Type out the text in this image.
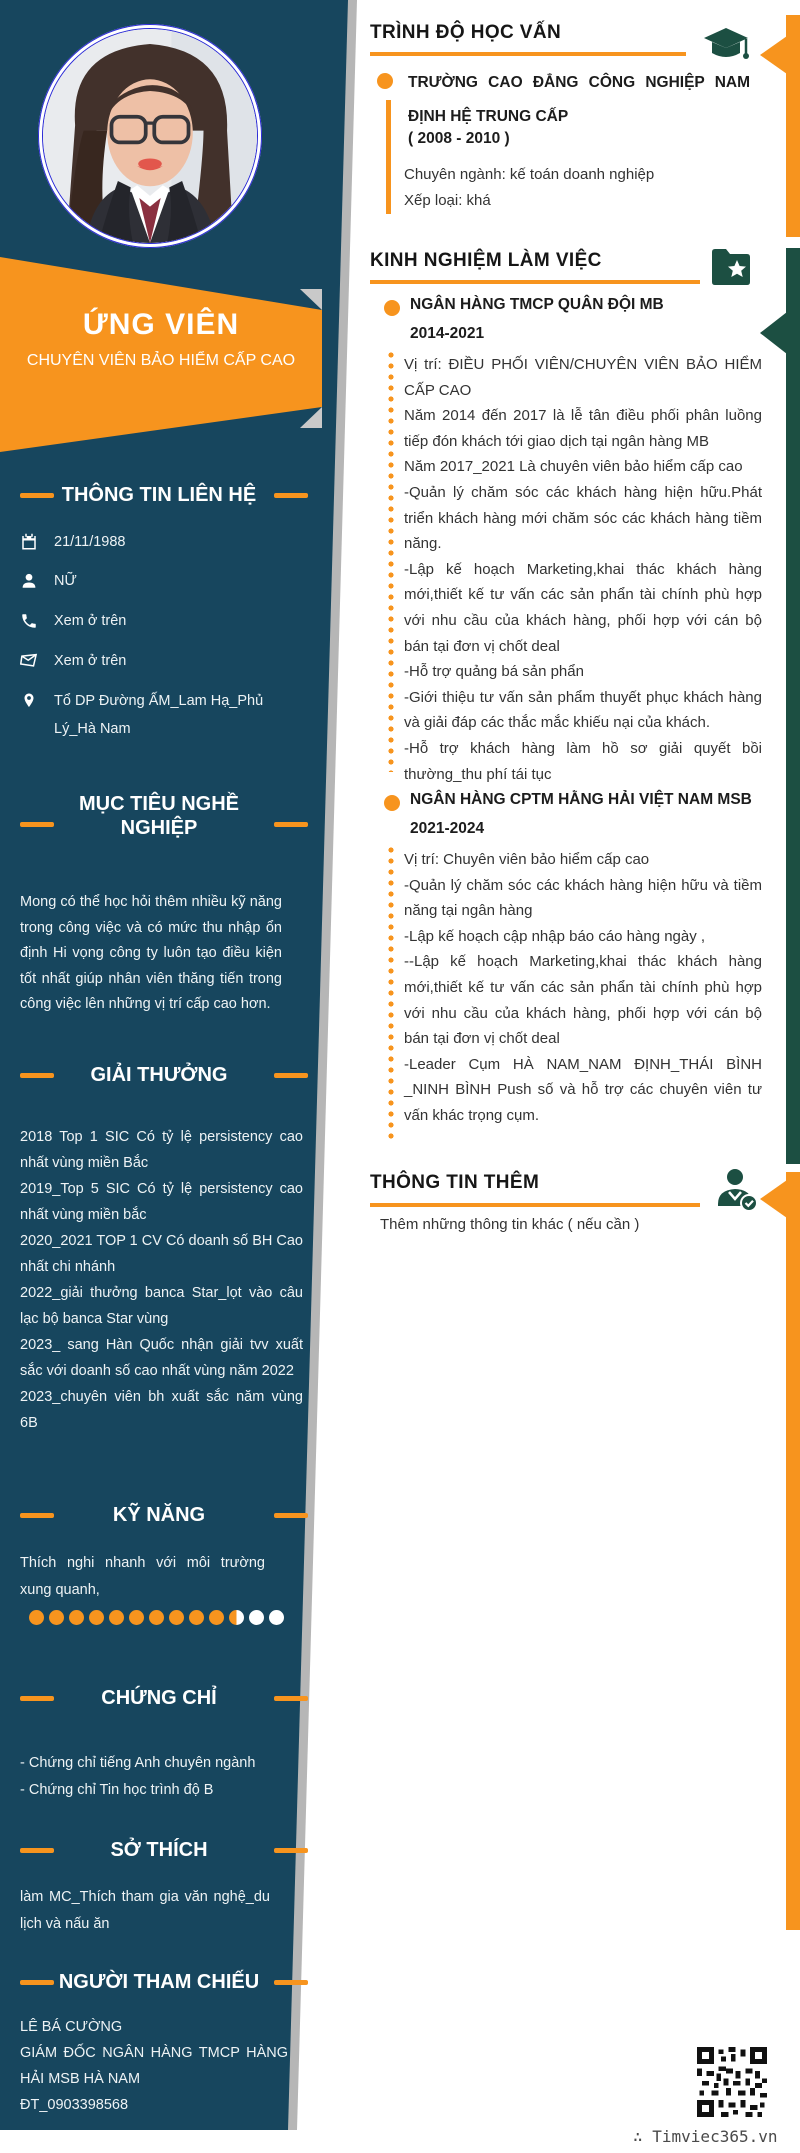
ỨNG VIÊN
CHUYÊN VIÊN BẢO HIỂM CẤP CAO
THÔNG TIN LIÊN HỆ
21/11/1988
NỮ
Xem ở trên
Xem ở trên
Tổ DP Đường ẤM_Lam Hạ_Phủ Lý_Hà Nam
MỤC TIÊU NGHỀ
NGHIỆP
Mong có thể học hỏi thêm nhiều kỹ năng trong công việc và có mức thu nhập ổn định Hi vọng công ty luôn tạo điều kiện tốt nhất giúp nhân viên thăng tiến trong công việc lên những vị trí cấp cao hơn.
GIẢI THƯỞNG
2018 Top 1 SIC Có tỷ lệ persistency cao nhất vùng miền Bắc
2019_Top 5 SIC Có tỷ lệ persistency cao nhất vùng miền bắc
2020_2021 TOP 1 CV Có doanh số BH Cao nhất chi nhánh
2022_giải thưởng banca Star_lọt vào câu lạc bộ banca Star vùng
2023_ sang Hàn Quốc nhận giải tvv xuất sắc với doanh số cao nhất vùng năm 2022
2023_chuyên viên bh xuất sắc năm vùng 6B
KỸ NĂNG
Thích nghi nhanh với môi trường xung quanh,
CHỨNG CHỈ
- Chứng chỉ tiếng Anh chuyên ngành
- Chứng chỉ Tin học trình độ B
SỞ THÍCH
làm MC_Thích tham gia văn nghệ_du lịch và nấu ăn
NGƯỜI THAM CHIẾU
LÊ BÁ CƯỜNG
GIÁM ĐỐC NGÂN HÀNG TMCP HÀNG HẢI MSB HÀ NAM
ĐT_0903398568
TRÌNH ĐỘ HỌC VẤN
TRƯỜNG CAO ĐẲNG CÔNG NGHIỆP NAM ĐỊNH HỆ TRUNG CẤP
( 2008 - 2010 )
Chuyên ngành: kế toán doanh nghiệp
Xếp loại: khá
KINH NGHIỆM LÀM VIỆC
NGÂN HÀNG TMCP QUÂN ĐỘI MB
2014-2021
Vị trí: ĐIỀU PHỐI VIÊN/CHUYÊN VIÊN BẢO HIỂM CẤP CAO
Năm 2014 đến 2017 là lễ tân điều phối phân luồng tiếp đón khách tới giao dịch tại ngân hàng MB
Năm 2017_2021 Là chuyên viên bảo hiểm cấp cao
-Quản lý chăm sóc các khách hàng hiện hữu.Phát triển khách hàng mới chăm sóc các khách hàng tiềm năng.
-Lập kế hoạch Marketing,khai thác khách hàng mới,thiết kế tư vấn các sản phẩn tài chính phù hợp với nhu cầu của khách hàng, phối hợp với cán bộ bán tại đơn vị chốt deal
-Hỗ trợ quảng bá sản phẩn
-Giới thiệu tư vấn sản phẩm thuyết phục khách hàng và giải đáp các thắc mắc khiếu nại của khách.
-Hỗ trợ khách hàng làm hồ sơ giải quyết bồi thường_thu phí tái tục
NGÂN HÀNG CPTM HẰNG HẢI VIỆT NAM MSB
2021-2024
Vị trí: Chuyên viên bảo hiểm cấp cao
-Quản lý chăm sóc các khách hàng hiện hữu và tiềm năng tại ngân hàng
-Lập kế hoạch cập nhập báo cáo hàng ngày ,
--Lập kế hoạch Marketing,khai thác khách hàng mới,thiết kế tư vấn các sản phẩn tài chính phù hợp với nhu cầu của khách hàng, phối hợp với cán bộ bán tại đơn vị chốt deal
-Leader Cụm HÀ NAM_NAM ĐỊNH_THÁI BÌNH _NINH BÌNH Push số và hỗ trợ các chuyên viên tư vấn khác trọng cụm.
THÔNG TIN THÊM
Thêm những thông tin khác ( nếu cần )
∴ Timviec365.vn
